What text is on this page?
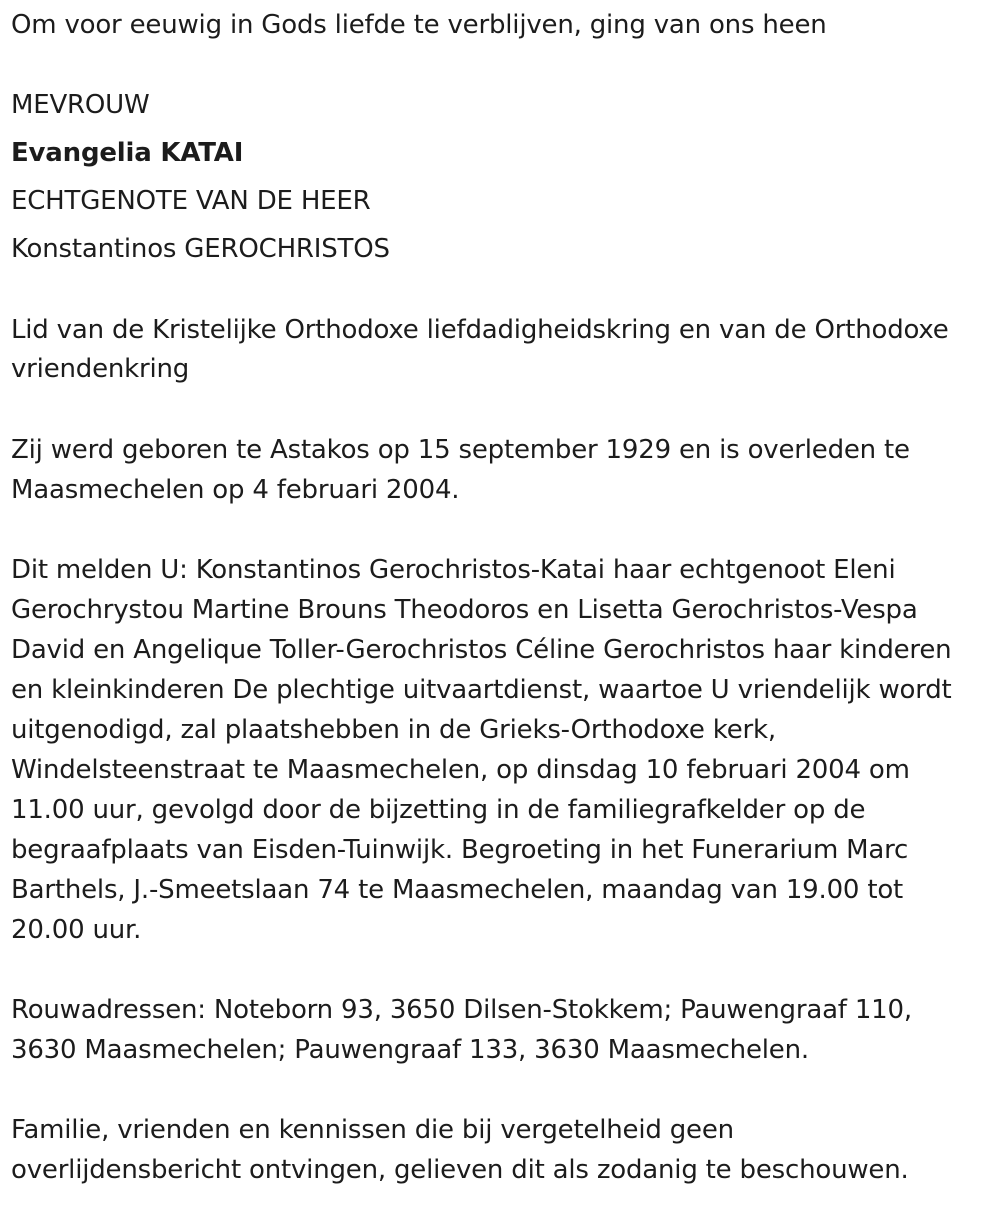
Om voor eeuwig in Gods liefde te verblijven, ging van ons heen
MEVROUW
Evangelia KATAI
ECHTGENOTE VAN DE HEER
Konstantinos GEROCHRISTOS
Lid van de Kristelijke Orthodoxe liefdadigheidskring en van de Orthodoxe
vriendenkring
Zij werd geboren te Astakos op 15 september 1929 en is overleden te
Maasmechelen op 4 februari 2004.
Dit melden U: Konstantinos Gerochristos-Katai haar echtgenoot Eleni
Gerochrystou Martine Brouns Theodoros en Lisetta Gerochristos-Vespa
David en Angelique Toller-Gerochristos Céline Gerochristos haar kinderen
en kleinkinderen De plechtige uitvaartdienst, waartoe U vriendelijk wordt
uitgenodigd, zal plaatshebben in de Grieks-Orthodoxe kerk,
Windelsteenstraat te Maasmechelen, op dinsdag 10 februari 2004 om
11.00 uur, gevolgd door de bijzetting in de familiegrafkelder op de
begraafplaats van Eisden-Tuinwijk. Begroeting in het Funerarium Marc
Barthels, J.-Smeetslaan 74 te Maasmechelen, maandag van 19.00 tot
20.00 uur.
Rouwadressen: Noteborn 93, 3650 Dilsen-Stokkem; Pauwengraaf 110,
3630 Maasmechelen; Pauwengraaf 133, 3630 Maasmechelen.
Familie, vrienden en kennissen die bij vergetelheid geen
overlijdensbericht ontvingen, gelieven dit als zodanig te beschouwen.
